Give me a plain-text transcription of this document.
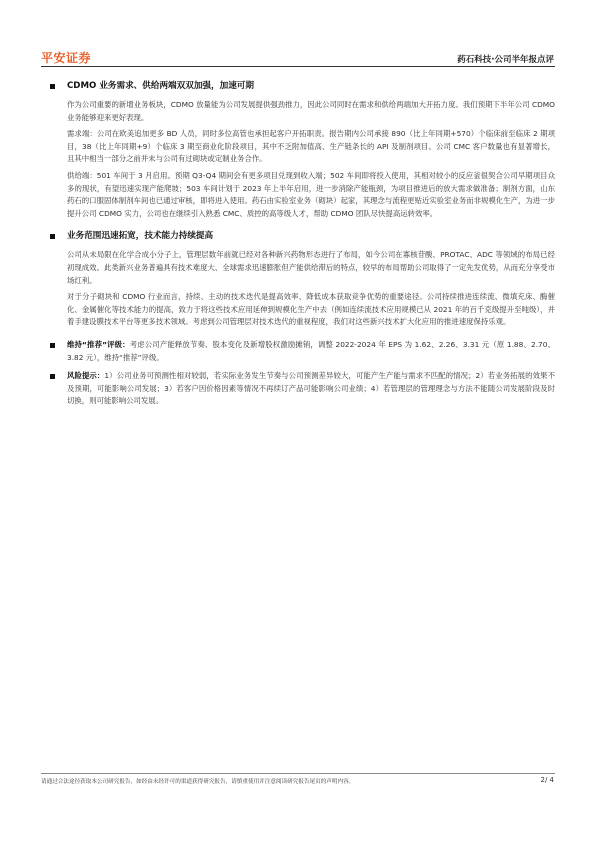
平安证券	药石科技·公司半年报点评
CDMO 业务需求、供给两端双双加强，加速可期

作为公司重要的新增业务板块，CDMO 放量能为公司发展提供强劲推力，因此公司同时在需求和供给两端加大开拓力度。我们预期下半年公司 CDMO 业务能够迎来更好表现。

需求端：公司在欧美追加更多 BD 人员，同时多位高管也承担起客户开拓职责。报告期内公司承接 890（比上年同期+570）个临床前至临床 2 期项目，38（比上年同期+9）个临床 3 期至商业化阶段项目，其中不乏附加值高、生产链条长的 API 及制剂项目。公司 CMC 客户数量也有显著增长，且其中相当一部分之前并未与公司有过砌块或定制业务合作。

供给端：501 车间于 3 月启用。预期 Q3-Q4 期间会有更多项目兑现到收入端；502 车间即将投入使用，其相对较小的反应釜很契合公司早期项目众多的现状，有望迅速实现产能爬坡；503 车间计划于 2023 年上半年启用，进一步消除产能瓶颈，为项目推进后的放大需求做准备；制剂方面，山东药石的口服固体制剂车间也已通过审核，即将进入使用。药石由实验室业务（砌块）起家，其理念与流程更贴近实验室业务而非规模化生产，为进一步提升公司 CDMO 实力，公司也在继续引入熟悉 CMC、质控的高等级人才，帮助 CDMO 团队尽快提高运转效率。

业务范围迅速拓宽，技术能力持续提高

公司从未局限在化学合成小分子上，管理层数年前就已经对各种新兴药物形态进行了布局，如今公司在寡核苷酸、PROTAC、ADC 等领域的布局已经初现成效。此类新兴业务普遍具有技术难度大、全球需求迅速膨胀但产能供给滞后的特点，较早的布局帮助公司取得了一定先发优势，从而充分享受市场红利。

对于分子砌块和 CDMO 行业而言，持续、主动的技术迭代是提高效率、降低成本获取竞争优势的重要途径。公司持续推进连续流、微填充床、酶催化、金属催化等技术能力的提高，致力于将这些技术应用延伸到规模化生产中去（例如连续流技术应用规模已从 2021 年的百千克级提升至吨级），并着手建设膜技术平台等更多技术领域。考虑到公司管理层对技术迭代的重视程度，我们对这些新兴技术扩大化应用的推进速度保持乐观。

维持“推荐”评级：考虑公司产能释放节奏、股本变化及新增股权激励摊销，调整 2022-2024 年 EPS 为 1.62、2.26、3.31 元（原 1.88、2.70、3.82 元），维持“推荐”评级。
风险提示：1）公司业务可预测性相对较弱，若实际业务发生节奏与公司预测差异较大，可能产生产能与需求不匹配的情况；2）若业务拓展的效果不及预期，可能影响公司发展；3）若客户因价格因素等情况不再续订产品可能影响公司业绩；4）若管理层的管理理念与方法不能随公司发展阶段及时切换，则可能影响公司发展。
请通过合法途径获取本公司研究报告，如经由未经许可的渠道获得研究报告，请慎重使用并注意阅读研究报告尾页的声明内容。	2/ 4
